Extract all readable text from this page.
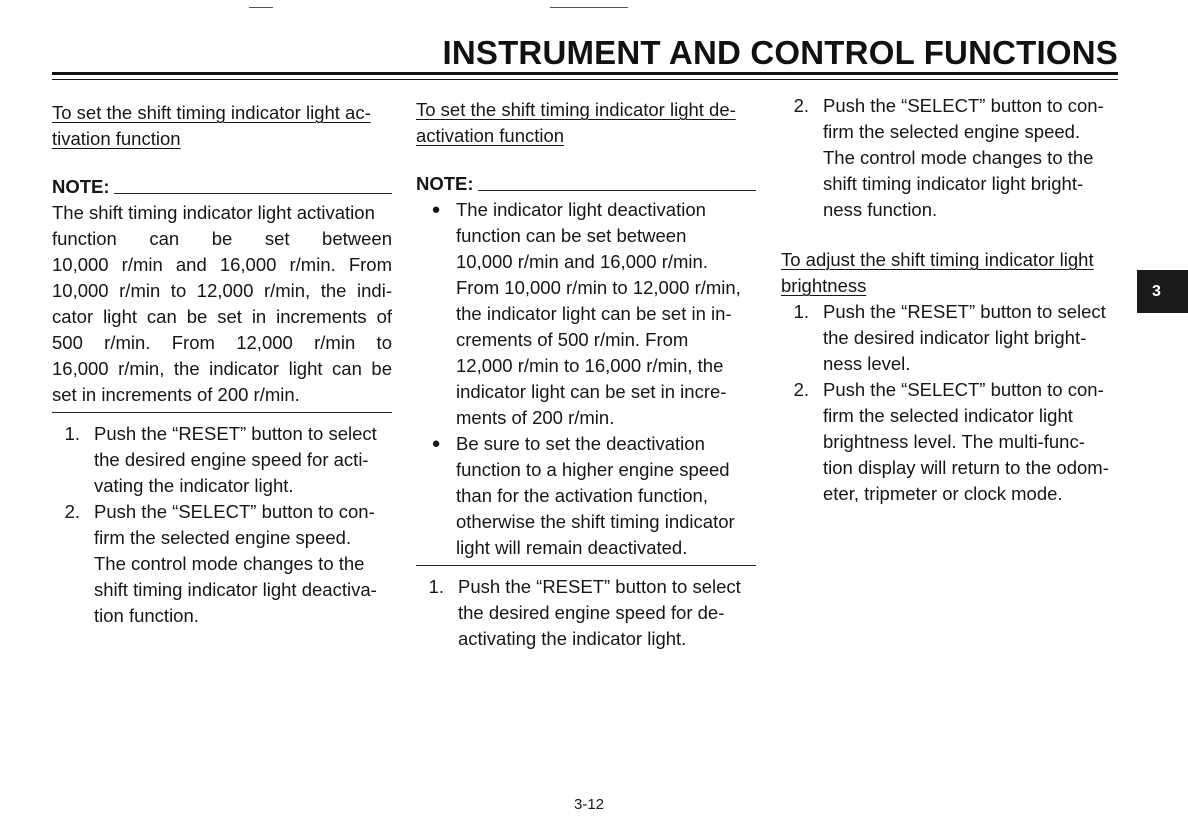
INSTRUMENT AND CONTROL FUNCTIONS
To set the shift timing indicator light ac-
tivation function
NOTE:
The shift timing indicator light activation
function can be set between
10,000 r/min and 16,000 r/min. From
10,000 r/min to 12,000 r/min, the indi-
cator light can be set in increments of
500 r/min. From 12,000 r/min to
16,000 r/min, the indicator light can be
set in increments of 200 r/min.
1. Push the “RESET” button to select
the desired engine speed for acti-
vating the indicator light.
2. Push the “SELECT” button to con-
firm the selected engine speed.
The control mode changes to the
shift timing indicator light deactiva-
tion function.
To set the shift timing indicator light de-
activation function
NOTE:
● The indicator light deactivation
function can be set between
10,000 r/min and 16,000 r/min.
From 10,000 r/min to 12,000 r/min,
the indicator light can be set in in-
crements of 500 r/min. From
12,000 r/min to 16,000 r/min, the
indicator light can be set in incre-
ments of 200 r/min.
● Be sure to set the deactivation
function to a higher engine speed
than for the activation function,
otherwise the shift timing indicator
light will remain deactivated.
1. Push the “RESET” button to select
the desired engine speed for de-
activating the indicator light.
2. Push the “SELECT” button to con-
firm the selected engine speed.
The control mode changes to the
shift timing indicator light bright-
ness function.
To adjust the shift timing indicator light
brightness
1. Push the “RESET” button to select
the desired indicator light bright-
ness level.
2. Push the “SELECT” button to con-
firm the selected indicator light
brightness level. The multi-func-
tion display will return to the odom-
eter, tripmeter or clock mode.
3
3-12
